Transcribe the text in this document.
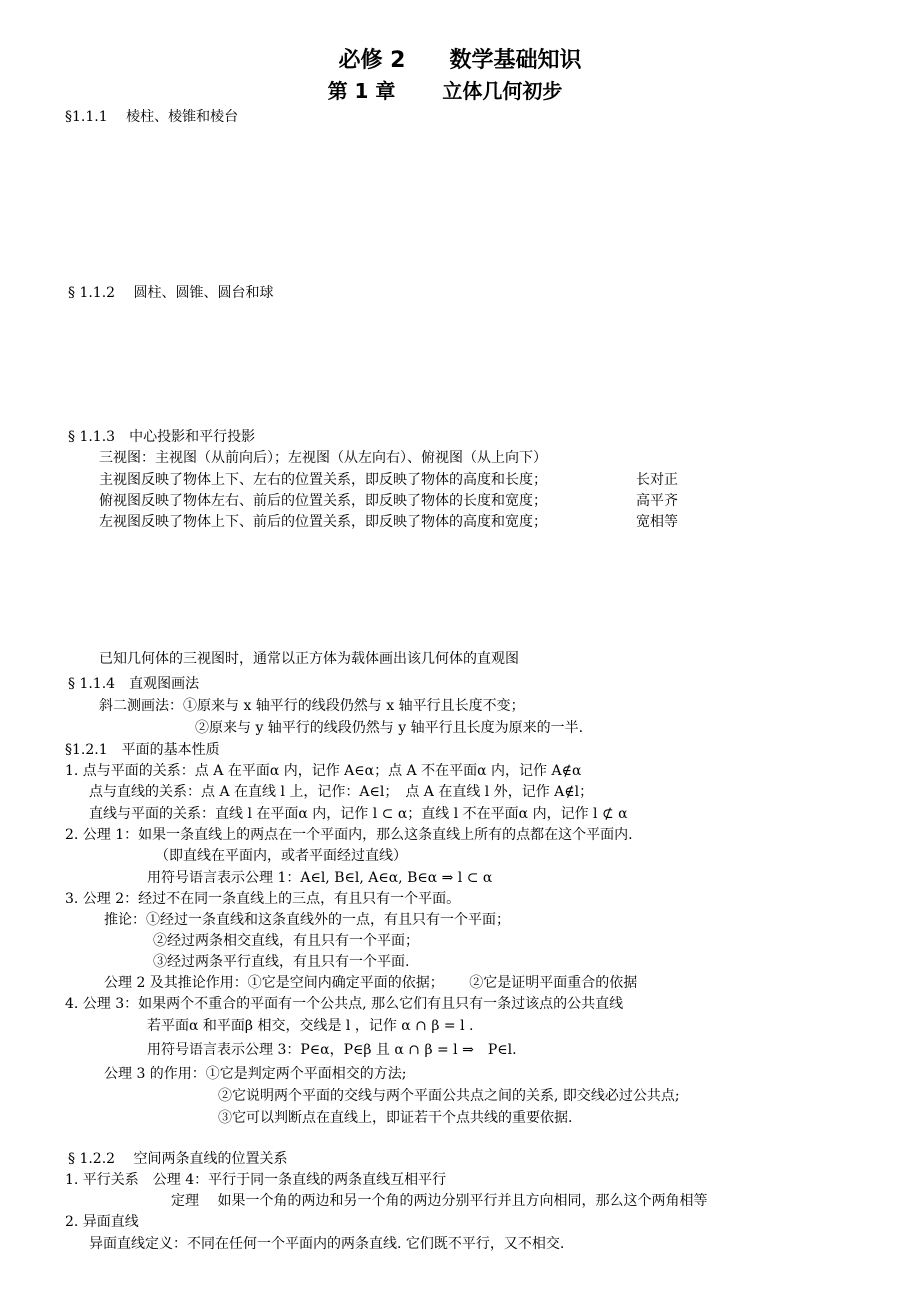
必修 2　　数学基础知识
第 1 章　　 立体几何初步
§1.1.1　 棱柱、棱锥和棱台
§ 1.1.2　 圆柱、圆锥、圆台和球
§ 1.1.3　中心投影和平行投影
三视图：主视图（从前向后）；左视图（从左向右）、俯视图（从上向下）
主视图反映了物体上下、左右的位置关系，即反映了物体的高度和长度；	长对正
俯视图反映了物体左右、前后的位置关系，即反映了物体的长度和宽度；	高平齐
左视图反映了物体上下、前后的位置关系，即反映了物体的高度和宽度；	宽相等
已知几何体的三视图时，通常以正方体为载体画出该几何体的直观图
§ 1.1.4　直观图画法
斜二测画法：①原来与 x 轴平行的线段仍然与 x 轴平行且长度不变；
②原来与 y 轴平行的线段仍然与 y 轴平行且长度为原来的一半.
§1.2.1　平面的基本性质
1. 点与平面的关系：点 A 在平面α 内，记作 A∈α；点 A 不在平面α 内，记作 A∉α
点与直线的关系：点 A 在直线 l 上，记作：A∈l；　点 A 在直线 l 外，记作 A∉l；
直线与平面的关系：直线 l 在平面α 内，记作 l ⊂ α；直线 l 不在平面α 内，记作 l ⊄ α
2. 公理 1：如果一条直线上的两点在一个平面内，那么这条直线上所有的点都在这个平面内.
（即直线在平面内，或者平面经过直线）
用符号语言表示公理 1：A∈l, B∈l, A∈α, B∈α ⇒ l ⊂ α
3. 公理 2：经过不在同一条直线上的三点，有且只有一个平面。
推论：①经过一条直线和这条直线外的一点，有且只有一个平面；
②经过两条相交直线，有且只有一个平面；
③经过两条平行直线，有且只有一个平面.
公理 2 及其推论作用：①它是空间内确定平面的依据；　　 ②它是证明平面重合的依据
4. 公理 3：如果两个不重合的平面有一个公共点, 那么它们有且只有一条过该点的公共直线
若平面α 和平面β 相交，交线是 l ，记作 α ∩ β = l .
用符号语言表示公理 3：P∈α，P∈β 且 α ∩ β = l ⇒　P∈l.
公理 3 的作用：①它是判定两个平面相交的方法;
②它说明两个平面的交线与两个平面公共点之间的关系, 即交线必过公共点;
③它可以判断点在直线上，即证若干个点共线的重要依据.
§ 1.2.2　 空间两条直线的位置关系
1. 平行关系　公理 4：平行于同一条直线的两条直线互相平行
定理　 如果一个角的两边和另一个角的两边分别平行并且方向相同，那么这个两角相等
2. 异面直线
异面直线定义：不同在任何一个平面内的两条直线. 它们既不平行，又不相交.
